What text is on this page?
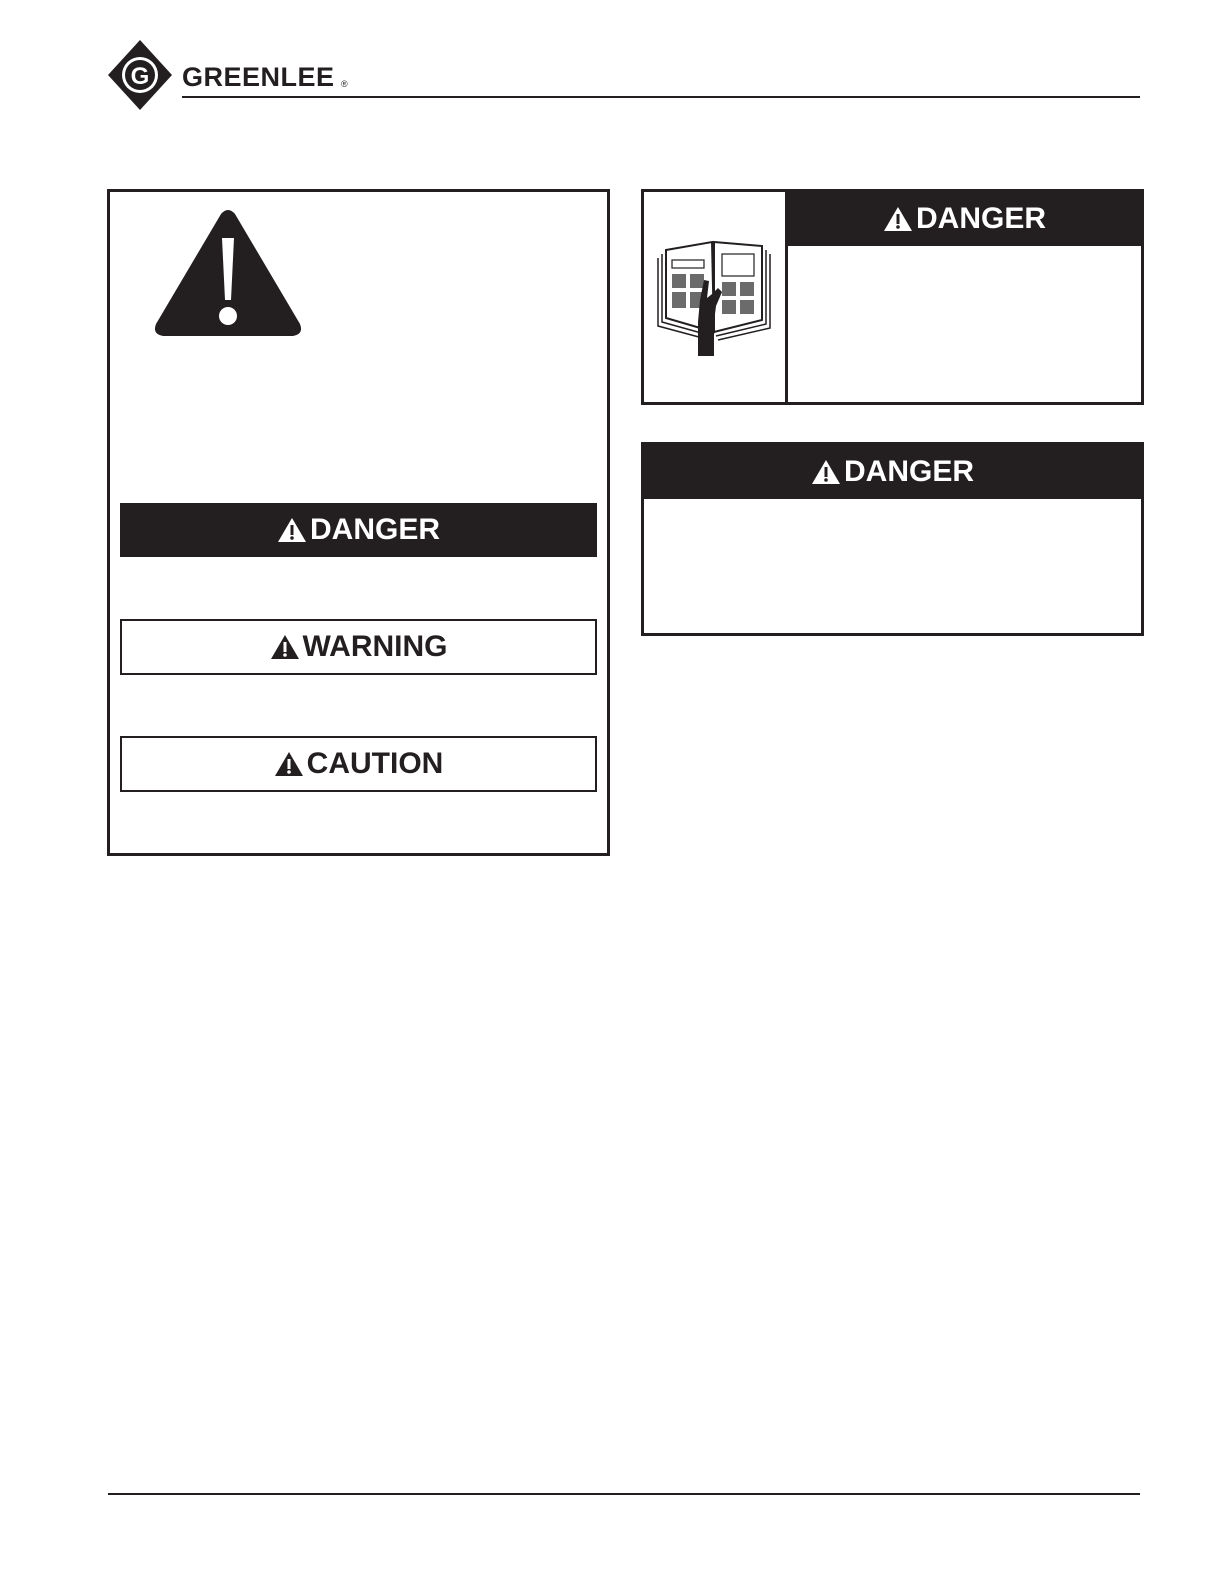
G GREENLEE ®
DANGER
WARNING
CAUTION
DANGER
DANGER
